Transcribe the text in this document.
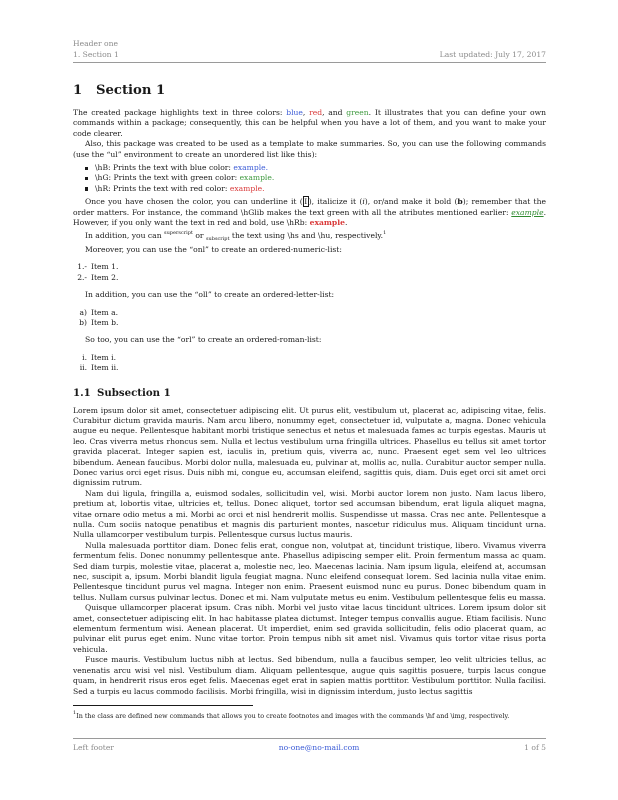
Header one
1. Section 1	Last updated: July 17, 2017
1 Section 1

The created package highlights text in three colors: blue, red, and green. It illustrates that you can define your own commands within a package; consequently, this can be helpful when you have a lot of them, and you want to make your code clearer.

Also, this package was created to be used as a template to make summaries. So, you can use the following commands (use the “ul” environment to create an unordered list like this):

\hB: Prints the text with blue color: example.
\hG: Prints the text with green color: example.
\hR: Prints the text with red color: example.

Once you have chosen the color, you can underline it ( I ), italicize it (i), or/and make it bold (b); remember that the order matters. For instance, the command \hGlib makes the text green with all the atributes mentioned earlier: example. However, if you only want the text in red and bold, use \hRb: example.

In addition, you can $^{superscript}$ or $_{subscript}$ the text using \hs and \hu, respectively.$^1$

Moreover, you can use the “onl” to create an ordered-numeric-list:

1.- Item 1.
2.- Item 2.

In addition, you can use the “oll” to create an ordered-letter-list:

a) Item a.
b) Item b.

So too, you can use the “orl” to create an ordered-roman-list:

i. Item i.
ii. Item ii.
1.1 Subsection 1

Lorem ipsum dolor sit amet, consectetuer adipiscing elit. Ut purus elit, vestibulum ut, placerat ac, adipiscing vitae, felis. Curabitur dictum gravida mauris. Nam arcu libero, nonummy eget, consectetuer id, vulputate a, magna. Donec vehicula augue eu neque. Pellentesque habitant morbi tristique senectus et netus et malesuada fames ac turpis egestas. Mauris ut leo. Cras viverra metus rhoncus sem. Nulla et lectus vestibulum urna fringilla ultrices. Phasellus eu tellus sit amet tortor gravida placerat. Integer sapien est, iaculis in, pretium quis, viverra ac, nunc. Praesent eget sem vel leo ultrices bibendum. Aenean faucibus. Morbi dolor nulla, malesuada eu, pulvinar at, mollis ac, nulla. Curabitur auctor semper nulla. Donec varius orci eget risus. Duis nibh mi, congue eu, accumsan eleifend, sagittis quis, diam. Duis eget orci sit amet orci dignissim rutrum.

Nam dui ligula, fringilla a, euismod sodales, sollicitudin vel, wisi. Morbi auctor lorem non justo. Nam lacus libero, pretium at, lobortis vitae, ultricies et, tellus. Donec aliquet, tortor sed accumsan bibendum, erat ligula aliquet magna, vitae ornare odio metus a mi. Morbi ac orci et nisl hendrerit mollis. Suspendisse ut massa. Cras nec ante. Pellentesque a nulla. Cum sociis natoque penatibus et magnis dis parturient montes, nascetur ridiculus mus. Aliquam tincidunt urna. Nulla ullamcorper vestibulum turpis. Pellentesque cursus luctus mauris.

Nulla malesuada porttitor diam. Donec felis erat, congue non, volutpat at, tincidunt tristique, libero. Vivamus viverra fermentum felis. Donec nonummy pellentesque ante. Phasellus adipiscing semper elit. Proin fermentum massa ac quam. Sed diam turpis, molestie vitae, placerat a, molestie nec, leo. Maecenas lacinia. Nam ipsum ligula, eleifend at, accumsan nec, suscipit a, ipsum. Morbi blandit ligula feugiat magna. Nunc eleifend consequat lorem. Sed lacinia nulla vitae enim. Pellentesque tincidunt purus vel magna. Integer non enim. Praesent euismod nunc eu purus. Donec bibendum quam in tellus. Nullam cursus pulvinar lectus. Donec et mi. Nam vulputate metus eu enim. Vestibulum pellentesque felis eu massa.

Quisque ullamcorper placerat ipsum. Cras nibh. Morbi vel justo vitae lacus tincidunt ultrices. Lorem ipsum dolor sit amet, consectetuer adipiscing elit. In hac habitasse platea dictumst. Integer tempus convallis augue. Etiam facilisis. Nunc elementum fermentum wisi. Aenean placerat. Ut imperdiet, enim sed gravida sollicitudin, felis odio placerat quam, ac pulvinar elit purus eget enim. Nunc vitae tortor. Proin tempus nibh sit amet nisl. Vivamus quis tortor vitae risus porta vehicula.

Fusce mauris. Vestibulum luctus nibh at lectus. Sed bibendum, nulla a faucibus semper, leo velit ultricies tellus, ac venenatis arcu wisi vel nisl. Vestibulum diam. Aliquam pellentesque, augue quis sagittis posuere, turpis lacus congue quam, in hendrerit risus eros eget felis. Maecenas eget erat in sapien mattis porttitor. Vestibulum porttitor. Nulla facilisi. Sed a turpis eu lacus commodo facilisis. Morbi fringilla, wisi in dignissim interdum, justo lectus sagittis

$^1$In the class are defined new commands that allows you to create footnotes and images with the commands \hf and \img, respectively.

Left footer	no-one@no-mail.com	1 of 5
